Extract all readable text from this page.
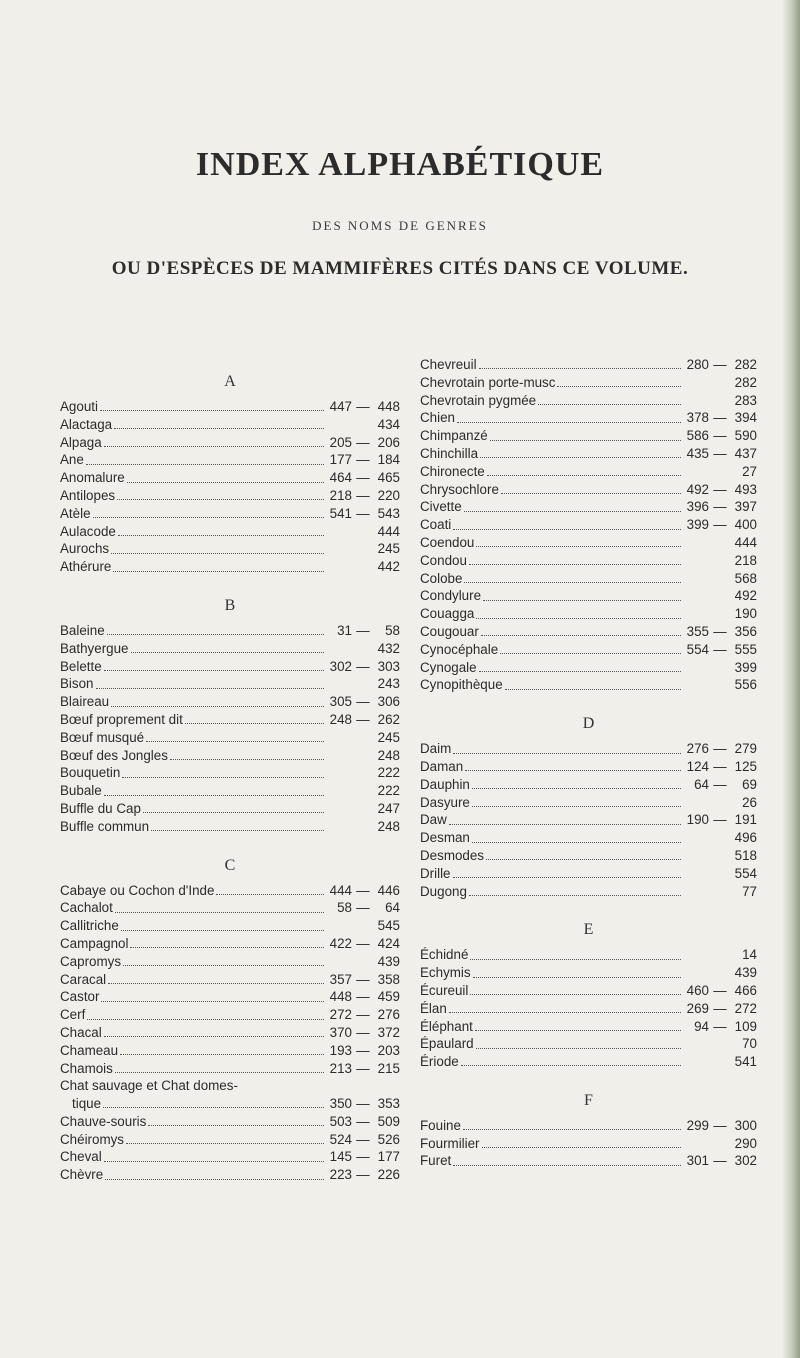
INDEX ALPHABÉTIQUE
DES NOMS DE GENRES
OU D'ESPÈCES DE MAMMIFÈRES CITÉS DANS CE VOLUME.
A
Agouti	447 — 448
Alactaga	434
Alpaga	205 — 206
Ane	177 — 184
Anomalure	464 — 465
Antilopes	218 — 220
Atèle	541 — 543
Aulacode	444
Aurochs	245
Athérure	442
B
Baleine	31 — 58
Bathyergue	432
Belette	302 — 303
Bison	243
Blaireau	305 — 306
Bœuf proprement dit	248 — 262
Bœuf musqué	245
Bœuf des Jongles	248
Bouquetin	222
Bubale	222
Buffle du Cap	247
Buffle commun	248
C
Cabaye ou Cochon d'Inde	444 — 446
Cachalot	58 — 64
Callitriche	545
Campagnol	422 — 424
Capromys	439
Caracal	357 — 358
Castor	448 — 459
Cerf	272 — 276
Chacal	370 — 372
Chameau	193 — 203
Chamois	213 — 215
Chat sauvage et Chat domes-
tique	350 — 353
Chauve-souris	503 — 509
Chéiromys	524 — 526
Cheval	145 — 177
Chèvre	223 — 226
Chevreuil	280 — 282
Chevrotain porte-musc	282
Chevrotain pygmée	283
Chien	378 — 394
Chimpanzé	586 — 590
Chinchilla	435 — 437
Chironecte	27
Chrysochlore	492 — 493
Civette	396 — 397
Coati	399 — 400
Coendou	444
Condou	218
Colobe	568
Condylure	492
Couagga	190
Cougouar	355 — 356
Cynocéphale	554 — 555
Cynogale	399
Cynopithèque	556
D
Daim	276 — 279
Daman	124 — 125
Dauphin	64 — 69
Dasyure	26
Daw	190 — 191
Desman	496
Desmodes	518
Drille	554
Dugong	77
E
Échidné	14
Echymis	439
Écureuil	460 — 466
Élan	269 — 272
Éléphant	94 — 109
Épaulard	70
Ériode	541
F
Fouine	299 — 300
Fourmilier	290
Furet	301 — 302
